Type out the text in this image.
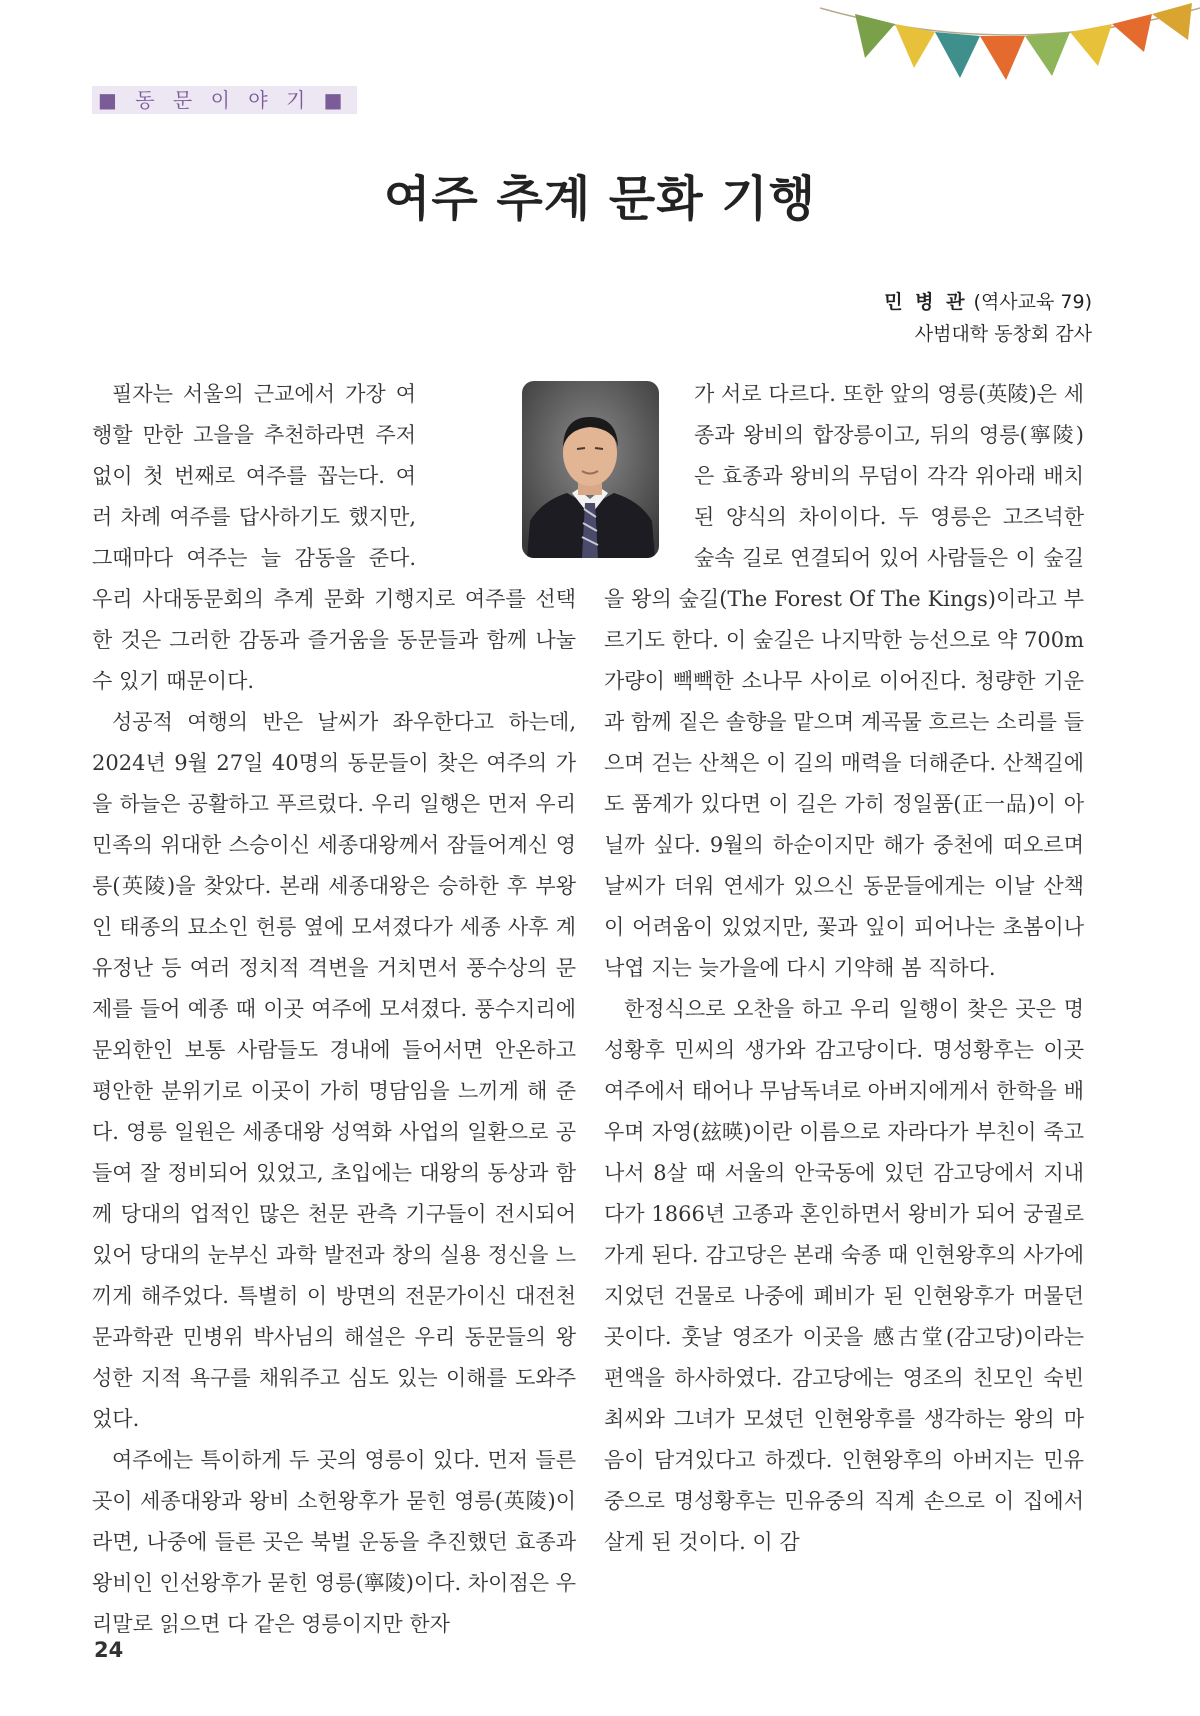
■ 동 문 이 야 기 ■
여주 추계 문화 기행
민 병 관 (역사교육 79)
사범대학 동창회 감사

필자는 서울의 근교에서 가장 여행할 만한 고을을 추천하라면 주저 없이 첫 번째로 여주를 꼽는다. 여러 차례 여주를 답사하기도 했지만, 그때마다 여주는 늘 감동을 준다. 우리 사대동문회의 추계 문화 기행지로 여주를 선택한 것은 그러한 감동과 즐거움을 동문들과 함께 나눌 수 있기 때문이다.

성공적 여행의 반은 날씨가 좌우한다고 하는데, 2024년 9월 27일 40명의 동문들이 찾은 여주의 가을 하늘은 공활하고 푸르렀다. 우리 일행은 먼저 우리 민족의 위대한 스승이신 세종대왕께서 잠들어계신 영릉(英陵)을 찾았다. 본래 세종대왕은 승하한 후 부왕인 태종의 묘소인 헌릉 옆에 모셔졌다가 세종 사후 계유정난 등 여러 정치적 격변을 거치면서 풍수상의 문제를 들어 예종 때 이곳 여주에 모셔졌다. 풍수지리에 문외한인 보통 사람들도 경내에 들어서면 안온하고 평안한 분위기로 이곳이 가히 명담임을 느끼게 해 준다. 영릉 일원은 세종대왕 성역화 사업의 일환으로 공들여 잘 정비되어 있었고, 초입에는 대왕의 동상과 함께 당대의 업적인 많은 천문 관측 기구들이 전시되어 있어 당대의 눈부신 과학 발전과 창의 실용 정신을 느끼게 해주었다. 특별히 이 방면의 전문가이신 대전천문과학관 민병위 박사님의 해설은 우리 동문들의 왕성한 지적 욕구를 채워주고 심도 있는 이해를 도와주었다.

여주에는 특이하게 두 곳의 영릉이 있다. 먼저 들른 곳이 세종대왕과 왕비 소헌왕후가 묻힌 영릉(英陵)이라면, 나중에 들른 곳은 북벌 운동을 추진했던 효종과 왕비인 인선왕후가 묻힌 영릉(寧陵)이다. 차이점은 우리말로 읽으면 다 같은 영릉이지만 한자

가 서로 다르다. 또한 앞의 영릉(英陵)은 세종과 왕비의 합장릉이고, 뒤의 영릉(寧陵)은 효종과 왕비의 무덤이 각각 위아래 배치된 양식의 차이이다. 두 영릉은 고즈넉한 숲속 길로 연결되어 있어 사람들은 이 숲길을 왕의 숲길(The Forest Of The Kings)이라고 부르기도 한다. 이 숲길은 나지막한 능선으로 약 700m가량이 빽빽한 소나무 사이로 이어진다. 청량한 기운과 함께 짙은 솔향을 맡으며 계곡물 흐르는 소리를 들으며 걷는 산책은 이 길의 매력을 더해준다. 산책길에도 품계가 있다면 이 길은 가히 정일품(正一品)이 아닐까 싶다. 9월의 하순이지만 해가 중천에 떠오르며 날씨가 더워 연세가 있으신 동문들에게는 이날 산책이 어려움이 있었지만, 꽃과 잎이 피어나는 초봄이나 낙엽 지는 늦가을에 다시 기약해 봄 직하다.

한정식으로 오찬을 하고 우리 일행이 찾은 곳은 명성황후 민씨의 생가와 감고당이다. 명성황후는 이곳 여주에서 태어나 무남독녀로 아버지에게서 한학을 배우며 자영(玆暎)이란 이름으로 자라다가 부친이 죽고 나서 8살 때 서울의 안국동에 있던 감고당에서 지내다가 1866년 고종과 혼인하면서 왕비가 되어 궁궐로 가게 된다. 감고당은 본래 숙종 때 인현왕후의 사가에 지었던 건물로 나중에 폐비가 된 인현왕후가 머물던 곳이다. 훗날 영조가 이곳을 感古堂(감고당)이라는 편액을 하사하였다. 감고당에는 영조의 친모인 숙빈 최씨와 그녀가 모셨던 인현왕후를 생각하는 왕의 마음이 담겨있다고 하겠다. 인현왕후의 아버지는 민유중으로 명성황후는 민유중의 직계 손으로 이 집에서 살게 된 것이다. 이 감

24
